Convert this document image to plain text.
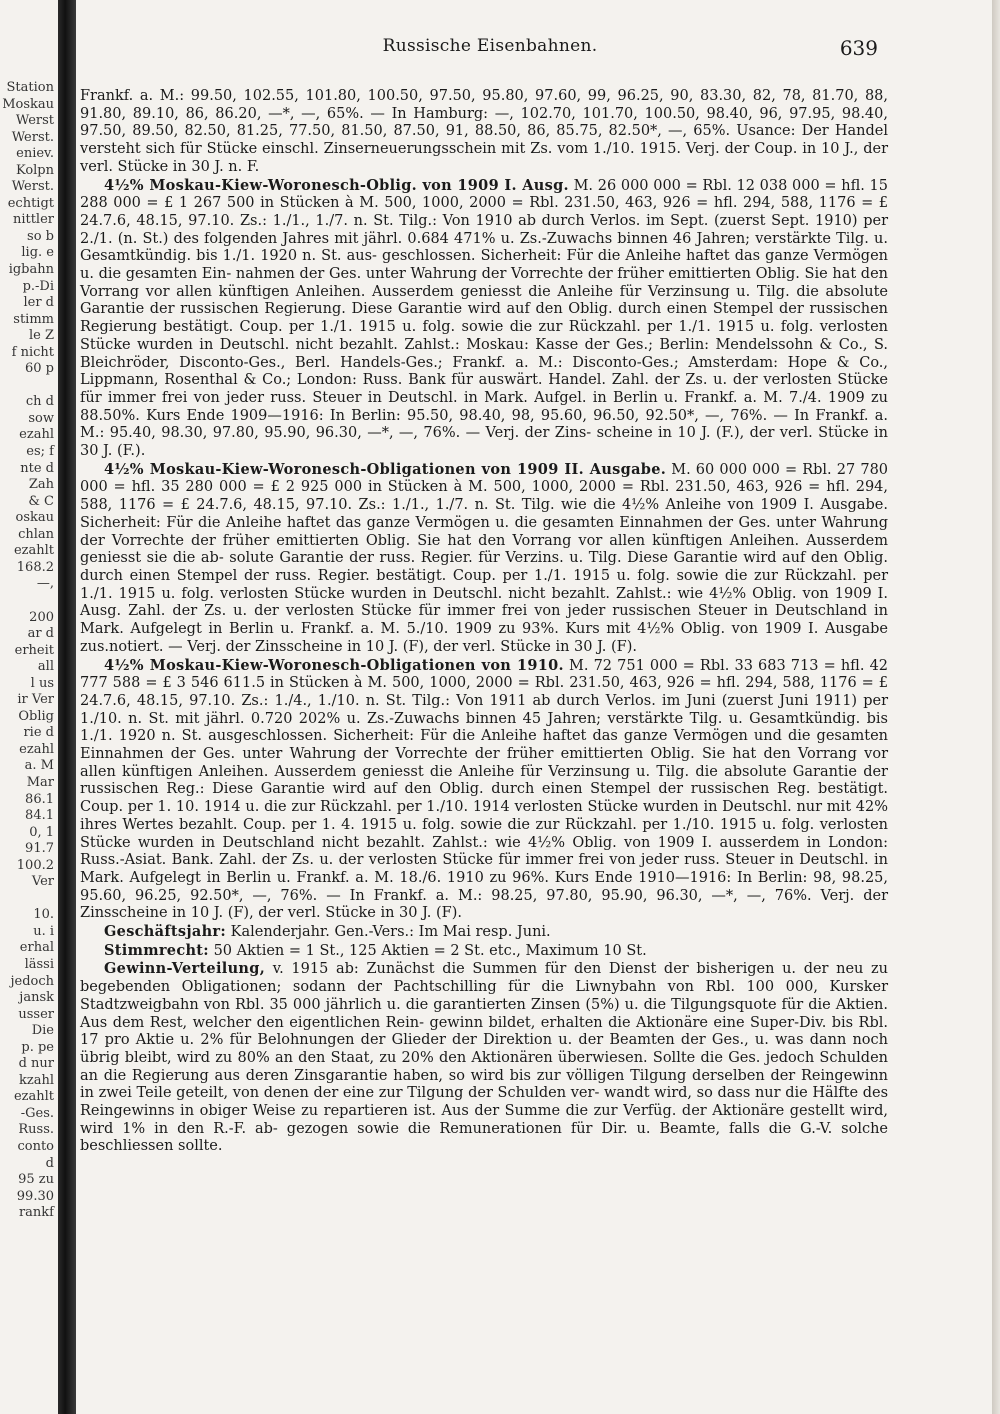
Station
Moskau
Werst
Werst.
eniev.
Kolpn
Werst.
echtigt
nittler
so b
lig. e
igbahn
p.-Di
ler d
stimm
le Z
f nicht
60 p

ch d
sow
ezahl
es; f
nte d
Zah
& C
oskau
chlan
ezahlt
168.2
—,

200
ar d
erheit
all
l us
ir Ver
Oblig
rie d
ezahl
a. M
Mar
86.1
84.1
0, 1
91.7
100.2
Ver

10.
u. i
erhal
lässi
jedoch
jansk
usser
Die
p. pe
d nur
kzahl
ezahlt
-Ges.
Russ.
conto
d
95 zu
99.30
rankf
Russische Eisenbahnen.	639

Frankf. a. M.: 99.50, 102.55, 101.80, 100.50, 97.50, 95.80, 97.60, 99, 96.25, 90, 83.30, 82, 78, 81.70, 88, 91.80, 89.10, 86, 86.20, —*, —, 65%. — In Hamburg: —, 102.70, 101.70, 100.50, 98.40, 96, 97.95, 98.40, 97.50, 89.50, 82.50, 81.25, 77.50, 81.50, 87.50, 91, 88.50, 86, 85.75, 82.50*, —, 65%. Usance: Der Handel versteht sich für Stücke einschl. Zinserneuerungsschein mit Zs. vom 1./10. 1915. Verj. der Coup. in 10 J., der verl. Stücke in 30 J. n. F.

4½% Moskau-Kiew-Woronesch-Oblig. von 1909 I. Ausg. M. 26 000 000 = Rbl. 12 038 000 = hfl. 15 288 000 = £ 1 267 500 in Stücken à M. 500, 1000, 2000 = Rbl. 231.50, 463, 926 = hfl. 294, 588, 1176 = £ 24.7.6, 48.15, 97.10. Zs.: 1./1., 1./7. n. St. Tilg.: Von 1910 ab durch Verlos. im Sept. (zuerst Sept. 1910) per 2./1. (n. St.) des folgenden Jahres mit jährl. 0.684 471% u. Zs.-Zuwachs binnen 46 Jahren; verstärkte Tilg. u. Gesamtkündig. bis 1./1. 1920 n. St. aus- geschlossen. Sicherheit: Für die Anleihe haftet das ganze Vermögen u. die gesamten Ein- nahmen der Ges. unter Wahrung der Vorrechte der früher emittierten Oblig. Sie hat den Vorrang vor allen künftigen Anleihen. Ausserdem geniesst die Anleihe für Verzinsung u. Tilg. die absolute Garantie der russischen Regierung. Diese Garantie wird auf den Oblig. durch einen Stempel der russischen Regierung bestätigt. Coup. per 1./1. 1915 u. folg. sowie die zur Rückzahl. per 1./1. 1915 u. folg. verlosten Stücke wurden in Deutschl. nicht bezahlt. Zahlst.: Moskau: Kasse der Ges.; Berlin: Mendelssohn & Co., S. Bleichröder, Disconto-Ges., Berl. Handels-Ges.; Frankf. a. M.: Disconto-Ges.; Amsterdam: Hope & Co., Lippmann, Rosenthal & Co.; London: Russ. Bank für auswärt. Handel. Zahl. der Zs. u. der verlosten Stücke für immer frei von jeder russ. Steuer in Deutschl. in Mark. Aufgel. in Berlin u. Frankf. a. M. 7./4. 1909 zu 88.50%. Kurs Ende 1909—1916: In Berlin: 95.50, 98.40, 98, 95.60, 96.50, 92.50*, —, 76%. — In Frankf. a. M.: 95.40, 98.30, 97.80, 95.90, 96.30, —*, —, 76%. — Verj. der Zins- scheine in 10 J. (F.), der verl. Stücke in 30 J. (F.).

4½% Moskau-Kiew-Woronesch-Obligationen von 1909 II. Ausgabe. M. 60 000 000 = Rbl. 27 780 000 = hfl. 35 280 000 = £ 2 925 000 in Stücken à M. 500, 1000, 2000 = Rbl. 231.50, 463, 926 = hfl. 294, 588, 1176 = £ 24.7.6, 48.15, 97.10. Zs.: 1./1., 1./7. n. St. Tilg. wie die 4½% Anleihe von 1909 I. Ausgabe. Sicherheit: Für die Anleihe haftet das ganze Vermögen u. die gesamten Einnahmen der Ges. unter Wahrung der Vorrechte der früher emittierten Oblig. Sie hat den Vorrang vor allen künftigen Anleihen. Ausserdem geniesst sie die ab- solute Garantie der russ. Regier. für Verzins. u. Tilg. Diese Garantie wird auf den Oblig. durch einen Stempel der russ. Regier. bestätigt. Coup. per 1./1. 1915 u. folg. sowie die zur Rückzahl. per 1./1. 1915 u. folg. verlosten Stücke wurden in Deutschl. nicht bezahlt. Zahlst.: wie 4½% Oblig. von 1909 I. Ausg. Zahl. der Zs. u. der verlosten Stücke für immer frei von jeder russischen Steuer in Deutschland in Mark. Aufgelegt in Berlin u. Frankf. a. M. 5./10. 1909 zu 93%. Kurs mit 4½% Oblig. von 1909 I. Ausgabe zus.notiert. — Verj. der Zinsscheine in 10 J. (F), der verl. Stücke in 30 J. (F).

4½% Moskau-Kiew-Woronesch-Obligationen von 1910. M. 72 751 000 = Rbl. 33 683 713 = hfl. 42 777 588 = £ 3 546 611.5 in Stücken à M. 500, 1000, 2000 = Rbl. 231.50, 463, 926 = hfl. 294, 588, 1176 = £ 24.7.6, 48.15, 97.10. Zs.: 1./4., 1./10. n. St. Tilg.: Von 1911 ab durch Verlos. im Juni (zuerst Juni 1911) per 1./10. n. St. mit jährl. 0.720 202% u. Zs.-Zuwachs binnen 45 Jahren; verstärkte Tilg. u. Gesamtkündig. bis 1./1. 1920 n. St. ausgeschlossen. Sicherheit: Für die Anleihe haftet das ganze Vermögen und die gesamten Einnahmen der Ges. unter Wahrung der Vorrechte der früher emittierten Oblig. Sie hat den Vorrang vor allen künftigen Anleihen. Ausserdem geniesst die Anleihe für Verzinsung u. Tilg. die absolute Garantie der russischen Reg.: Diese Garantie wird auf den Oblig. durch einen Stempel der russischen Reg. bestätigt. Coup. per 1. 10. 1914 u. die zur Rückzahl. per 1./10. 1914 verlosten Stücke wurden in Deutschl. nur mit 42% ihres Wertes bezahlt. Coup. per 1. 4. 1915 u. folg. sowie die zur Rückzahl. per 1./10. 1915 u. folg. verlosten Stücke wurden in Deutschland nicht bezahlt. Zahlst.: wie 4½% Oblig. von 1909 I. ausserdem in London: Russ.-Asiat. Bank. Zahl. der Zs. u. der verlosten Stücke für immer frei von jeder russ. Steuer in Deutschl. in Mark. Aufgelegt in Berlin u. Frankf. a. M. 18./6. 1910 zu 96%. Kurs Ende 1910—1916: In Berlin: 98, 98.25, 95.60, 96.25, 92.50*, —, 76%. — In Frankf. a. M.: 98.25, 97.80, 95.90, 96.30, —*, —, 76%. Verj. der Zinsscheine in 10 J. (F), der verl. Stücke in 30 J. (F).

Geschäftsjahr: Kalenderjahr. Gen.-Vers.: Im Mai resp. Juni.

Stimmrecht: 50 Aktien = 1 St., 125 Aktien = 2 St. etc., Maximum 10 St.

Gewinn-Verteilung, v. 1915 ab: Zunächst die Summen für den Dienst der bisherigen u. der neu zu begebenden Obligationen; sodann der Pachtschilling für die Liwnybahn von Rbl. 100 000, Kursker Stadtzweigbahn von Rbl. 35 000 jährlich u. die garantierten Zinsen (5%) u. die Tilgungsquote für die Aktien. Aus dem Rest, welcher den eigentlichen Rein- gewinn bildet, erhalten die Aktionäre eine Super-Div. bis Rbl. 17 pro Aktie u. 2% für Belohnungen der Glieder der Direktion u. der Beamten der Ges., u. was dann noch übrig bleibt, wird zu 80% an den Staat, zu 20% den Aktionären überwiesen. Sollte die Ges. jedoch Schulden an die Regierung aus deren Zinsgarantie haben, so wird bis zur völligen Tilgung derselben der Reingewinn in zwei Teile geteilt, von denen der eine zur Tilgung der Schulden ver- wandt wird, so dass nur die Hälfte des Reingewinns in obiger Weise zu repartieren ist. Aus der Summe die zur Verfüg. der Aktionäre gestellt wird, wird 1% in den R.-F. ab- gezogen sowie die Remunerationen für Dir. u. Beamte, falls die G.-V. solche beschliessen sollte.
